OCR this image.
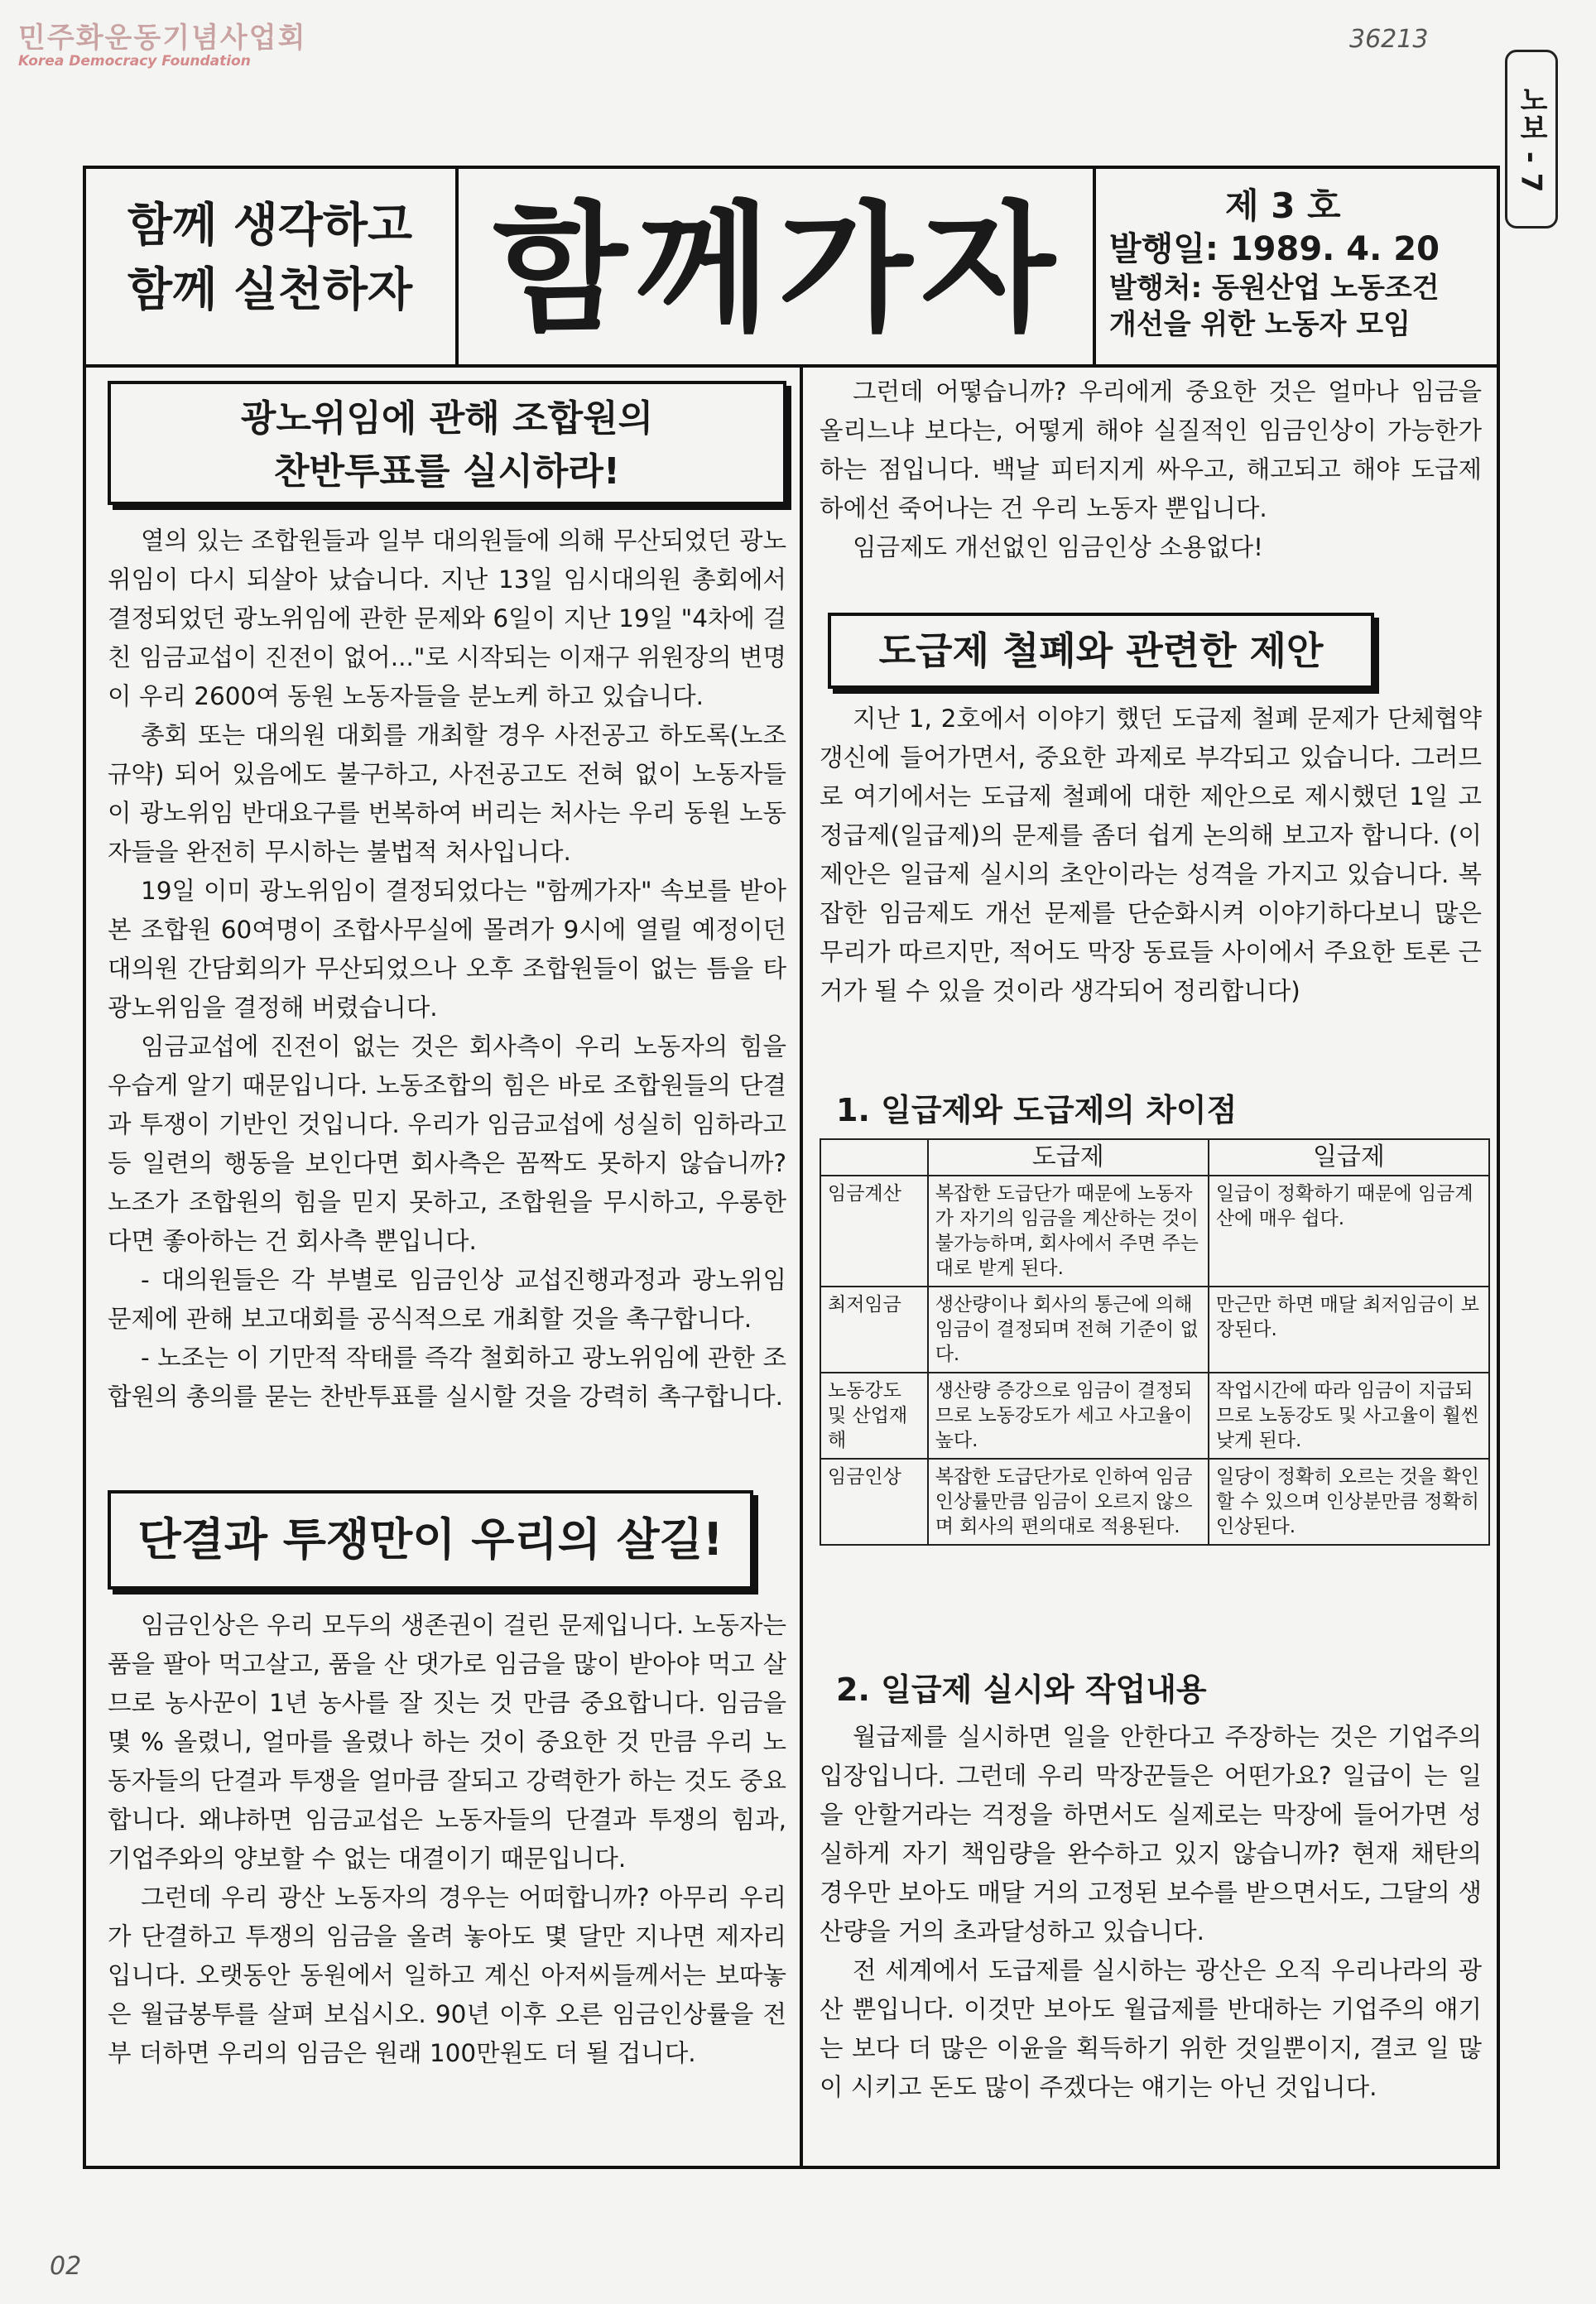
민주화운동기념사업회
Korea Democracy Foundation
36213
노보 - 7
함께 생각하고
함께 실천하자 함께가자	제 3 호
발행일: 1989. 4. 20
발행처: 동원산업 노동조건
개선을 위한 노동자 모임
광노위임에 관해 조합원의
찬반투표를 실시하라!

열의 있는 조합원들과 일부 대의원들에 의해 무산되었던 광노위임이 다시 되살아 났습니다. 지난 13일 임시대의원 총회에서 결정되었던 광노위임에 관한 문제와 6일이 지난 19일 "4차에 걸친 임금교섭이 진전이 없어..."로 시작되는 이재구 위원장의 변명이 우리 2600여 동원 노동자들을 분노케 하고 있습니다.

총회 또는 대의원 대회를 개최할 경우 사전공고 하도록(노조규약) 되어 있음에도 불구하고, 사전공고도 전혀 없이 노동자들이 광노위임 반대요구를 번복하여 버리는 처사는 우리 동원 노동자들을 완전히 무시하는 불법적 처사입니다.

19일 이미 광노위임이 결정되었다는 "함께가자" 속보를 받아 본 조합원 60여명이 조합사무실에 몰려가 9시에 열릴 예정이던 대의원 간담회의가 무산되었으나 오후 조합원들이 없는 틈을 타 광노위임을 결정해 버렸습니다.

임금교섭에 진전이 없는 것은 회사측이 우리 노동자의 힘을 우습게 알기 때문입니다. 노동조합의 힘은 바로 조합원들의 단결과 투쟁이 기반인 것입니다. 우리가 임금교섭에 성실히 임하라고 등 일련의 행동을 보인다면 회사측은 꼼짝도 못하지 않습니까? 노조가 조합원의 힘을 믿지 못하고, 조합원을 무시하고, 우롱한다면 좋아하는 건 회사측 뿐입니다.

- 대의원들은 각 부별로 임금인상 교섭진행과정과 광노위임 문제에 관해 보고대회를 공식적으로 개최할 것을 촉구합니다.

- 노조는 이 기만적 작태를 즉각 철회하고 광노위임에 관한 조합원의 총의를 묻는 찬반투표를 실시할 것을 강력히 촉구합니다.

단결과 투쟁만이 우리의 살길!

임금인상은 우리 모두의 생존권이 걸린 문제입니다. 노동자는 품을 팔아 먹고살고, 품을 산 댓가로 임금을 많이 받아야 먹고 살므로 농사꾼이 1년 농사를 잘 짓는 것 만큼 중요합니다. 임금을 몇 % 올렸니, 얼마를 올렸나 하는 것이 중요한 것 만큼 우리 노동자들의 단결과 투쟁을 얼마큼 잘되고 강력한가 하는 것도 중요합니다. 왜냐하면 임금교섭은 노동자들의 단결과 투쟁의 힘과, 기업주와의 양보할 수 없는 대결이기 때문입니다.

그런데 우리 광산 노동자의 경우는 어떠합니까? 아무리 우리가 단결하고 투쟁의 임금을 올려 놓아도 몇 달만 지나면 제자리입니다. 오랫동안 동원에서 일하고 계신 아저씨들께서는 보따놓은 월급봉투를 살펴 보십시오. 90년 이후 오른 임금인상률을 전부 더하면 우리의 임금은 원래 100만원도 더 될 겁니다.

그런데 어떻습니까? 우리에게 중요한 것은 얼마나 임금을 올리느냐 보다는, 어떻게 해야 실질적인 임금인상이 가능한가 하는 점입니다. 백날 피터지게 싸우고, 해고되고 해야 도급제 하에선 죽어나는 건 우리 노동자 뿐입니다.

임금제도 개선없인 임금인상 소용없다!

도급제 철폐와 관련한 제안

지난 1, 2호에서 이야기 했던 도급제 철폐 문제가 단체협약 갱신에 들어가면서, 중요한 과제로 부각되고 있습니다. 그러므로 여기에서는 도급제 철폐에 대한 제안으로 제시했던 1일 고정급제(일급제)의 문제를 좀더 쉽게 논의해 보고자 합니다. (이 제안은 일급제 실시의 초안이라는 성격을 가지고 있습니다. 복잡한 임금제도 개선 문제를 단순화시켜 이야기하다보니 많은 무리가 따르지만, 적어도 막장 동료들 사이에서 주요한 토론 근거가 될 수 있을 것이라 생각되어 정리합니다)

1. 일급제와 도급제의 차이점
	도급제	일급제
임금계산	복잡한 도급단가 때문에 노동자가 자기의 임금을 계산하는 것이 불가능하며, 회사에서 주면 주는대로 받게 된다.	일급이 정확하기 때문에 임금계산에 매우 쉽다.
최저임금	생산량이나 회사의 통근에 의해 임금이 결정되며 전혀 기준이 없다.	만근만 하면 매달 최저임금이 보장된다.
노동강도 및 산업재해	생산량 증강으로 임금이 결정되므로 노동강도가 세고 사고율이 높다.	작업시간에 따라 임금이 지급되므로 노동강도 및 사고율이 훨씬 낮게 된다.
임금인상	복잡한 도급단가로 인하여 임금 인상률만큼 임금이 오르지 않으며 회사의 편의대로 적용된다.	일당이 정확히 오르는 것을 확인할 수 있으며 인상분만큼 정확히 인상된다.
2. 일급제 실시와 작업내용

월급제를 실시하면 일을 안한다고 주장하는 것은 기업주의 입장입니다. 그런데 우리 막장꾼들은 어떤가요? 일급이 는 일을 안할거라는 걱정을 하면서도 실제로는 막장에 들어가면 성실하게 자기 책임량을 완수하고 있지 않습니까? 현재 채탄의 경우만 보아도 매달 거의 고정된 보수를 받으면서도, 그달의 생산량을 거의 초과달성하고 있습니다.

전 세계에서 도급제를 실시하는 광산은 오직 우리나라의 광산 뿐입니다. 이것만 보아도 월급제를 반대하는 기업주의 얘기는 보다 더 많은 이윤을 획득하기 위한 것일뿐이지, 결코 일 많이 시키고 돈도 많이 주겠다는 얘기는 아닌 것입니다.

02
